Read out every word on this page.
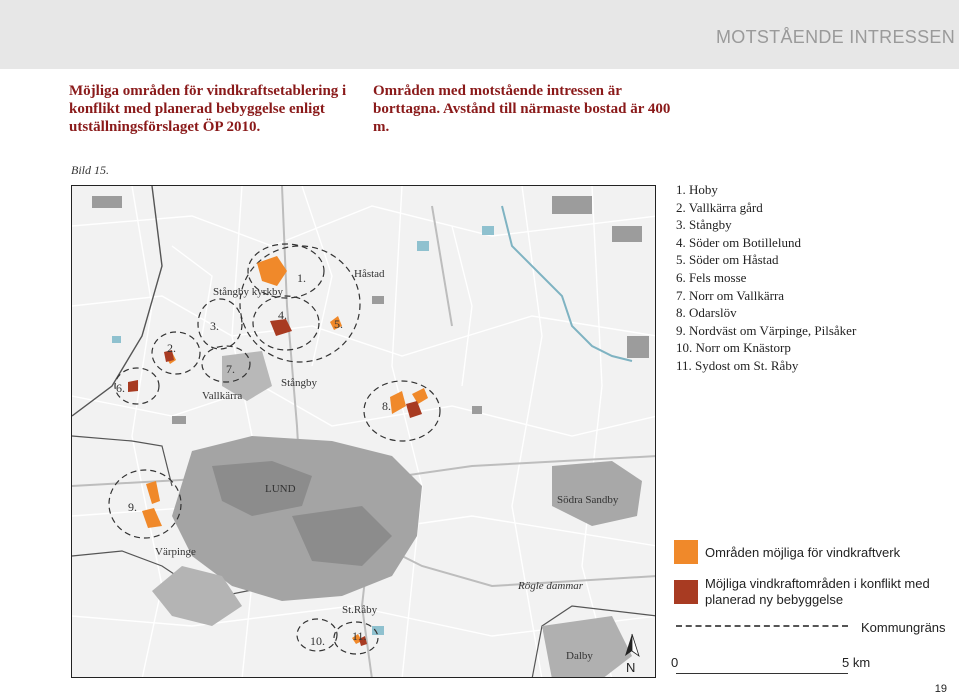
MOTSTÅENDE INTRESSEN
Möjliga områden för vindkraftsetablering i konflikt med planerad bebyggelse enligt utställningsförslaget ÖP 2010.
Områden med motstående intressen är borttagna. Avstånd till närmaste bostad är 400 m.
Bild 15.
1.
2.
3.
4.
5.
6.
7.
8.
9.
10. 11.
Håstad
Stångby kyrkby
Stångby
Vallkärra
LUND
Södra Sandby
Värpinge
Rögle dammar
St.Råby
Dalby
N
1. Hoby
2. Vallkärra gård
3. Stångby
4. Söder om Botillelund
5. Söder om Håstad
6. Fels mosse
7. Norr om Vallkärra
8. Odarslöv
9. Nordväst om Värpinge, Pilsåker
10. Norr om Knästorp
11. Sydost om St. Råby
Områden möjliga för vindkraftverk
Möjliga vindkraftområden i konflikt med planerad ny bebyggelse
Kommungräns
0	5 km
19
